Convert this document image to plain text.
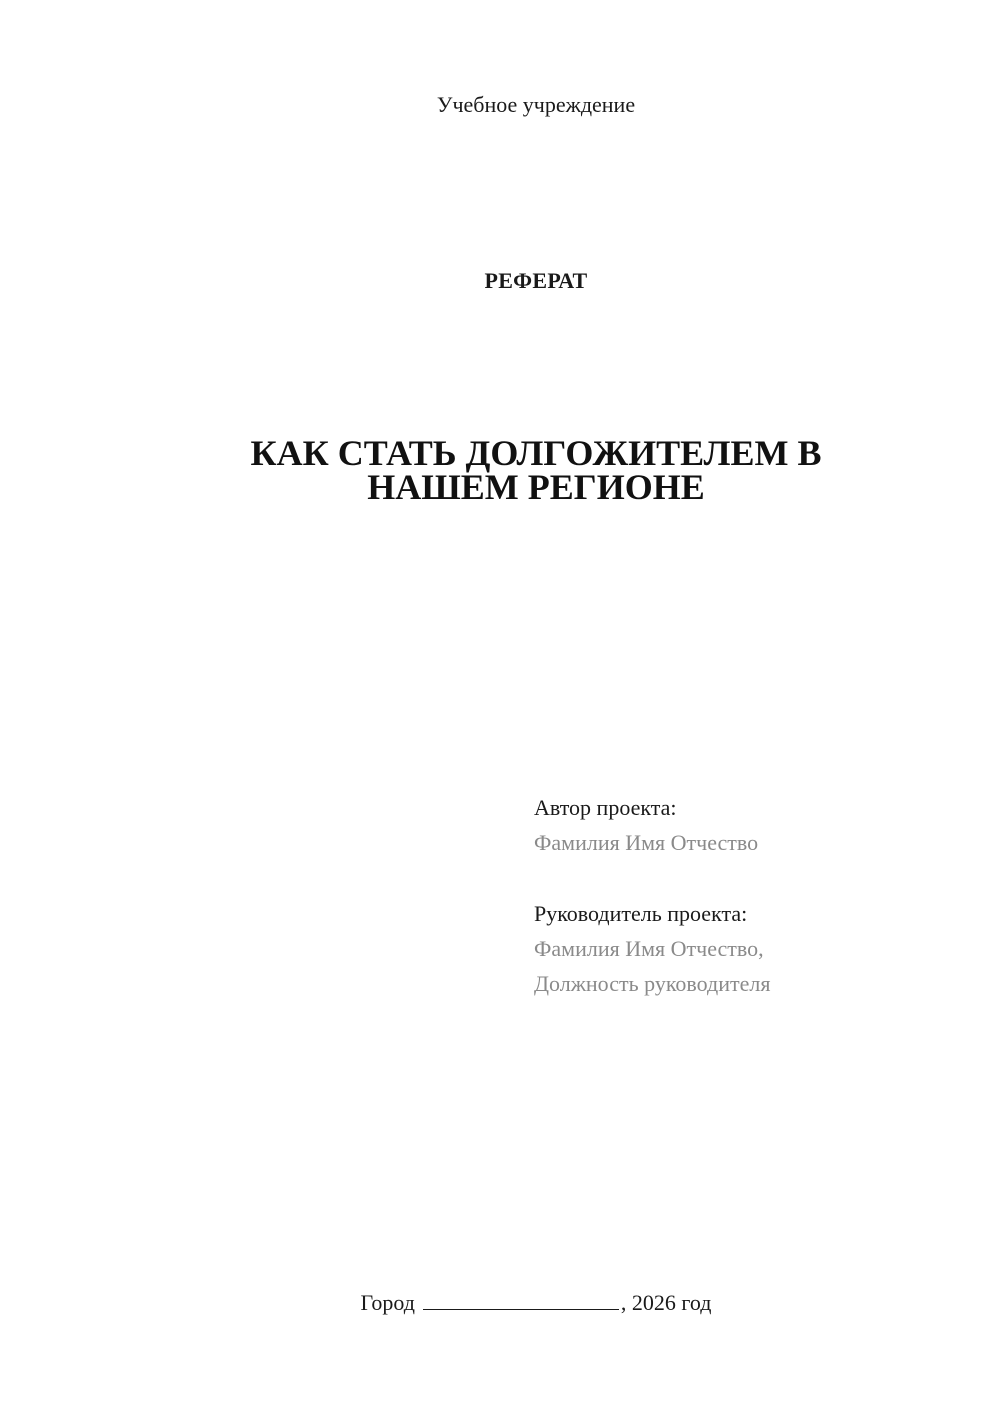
Учебное учреждение
РЕФЕРАТ
КАК СТАТЬ ДОЛГОЖИТЕЛЕМ В
НАШЕМ РЕГИОНЕ
Автор проекта:
Фамилия Имя Отчество
Руководитель проекта:
Фамилия Имя Отчество,
Должность руководителя
Город	, 2026 год
